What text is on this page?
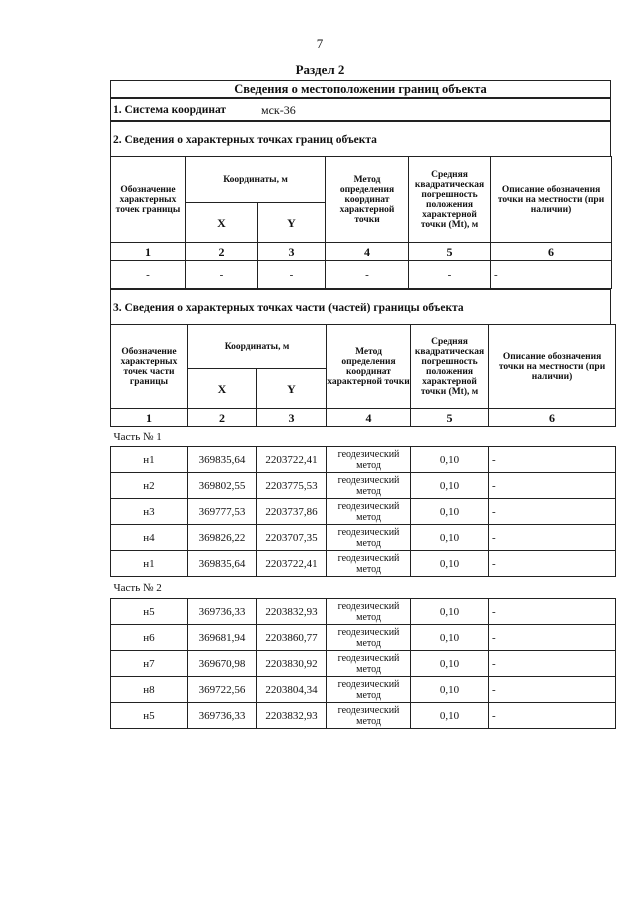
7
Раздел 2
Сведения о местоположении границ объекта
1. Система координат	мск-36
2. Сведения о характерных точках границ объекта
Обозначение характерных точек границы	Координаты, м		Метод определения координат характерной точки	Средняя квадратическая погрешность положения характерной точки (Mt), м	Описание обозначения точки на местности (при наличии)
	X	Y			
1	2	3	4	5	6
-	-	-	-	-	-
3. Сведения о характерных точках части (частей) границы объекта
Обозначение характерных точек части границы	Координаты, м		Метод определения координат характерной точки	Средняя квадратическая погрешность положения характерной точки (Mt), м	Описание обозначения точки на местности (при наличии)
	X	Y			
1	2	3	4	5	6
Часть № 1					
н1	369835,64	2203722,41	геодезический метод	0,10	-
н2	369802,55	2203775,53	геодезический метод	0,10	-
н3	369777,53	2203737,86	геодезический метод	0,10	-
н4	369826,22	2203707,35	геодезический метод	0,10	-
н1	369835,64	2203722,41	геодезический метод	0,10	-
Часть № 2					
н5	369736,33	2203832,93	геодезический метод	0,10	-
н6	369681,94	2203860,77	геодезический метод	0,10	-
н7	369670,98	2203830,92	геодезический метод	0,10	-
н8	369722,56	2203804,34	геодезический метод	0,10	-
н5	369736,33	2203832,93	геодезический метод	0,10	-
